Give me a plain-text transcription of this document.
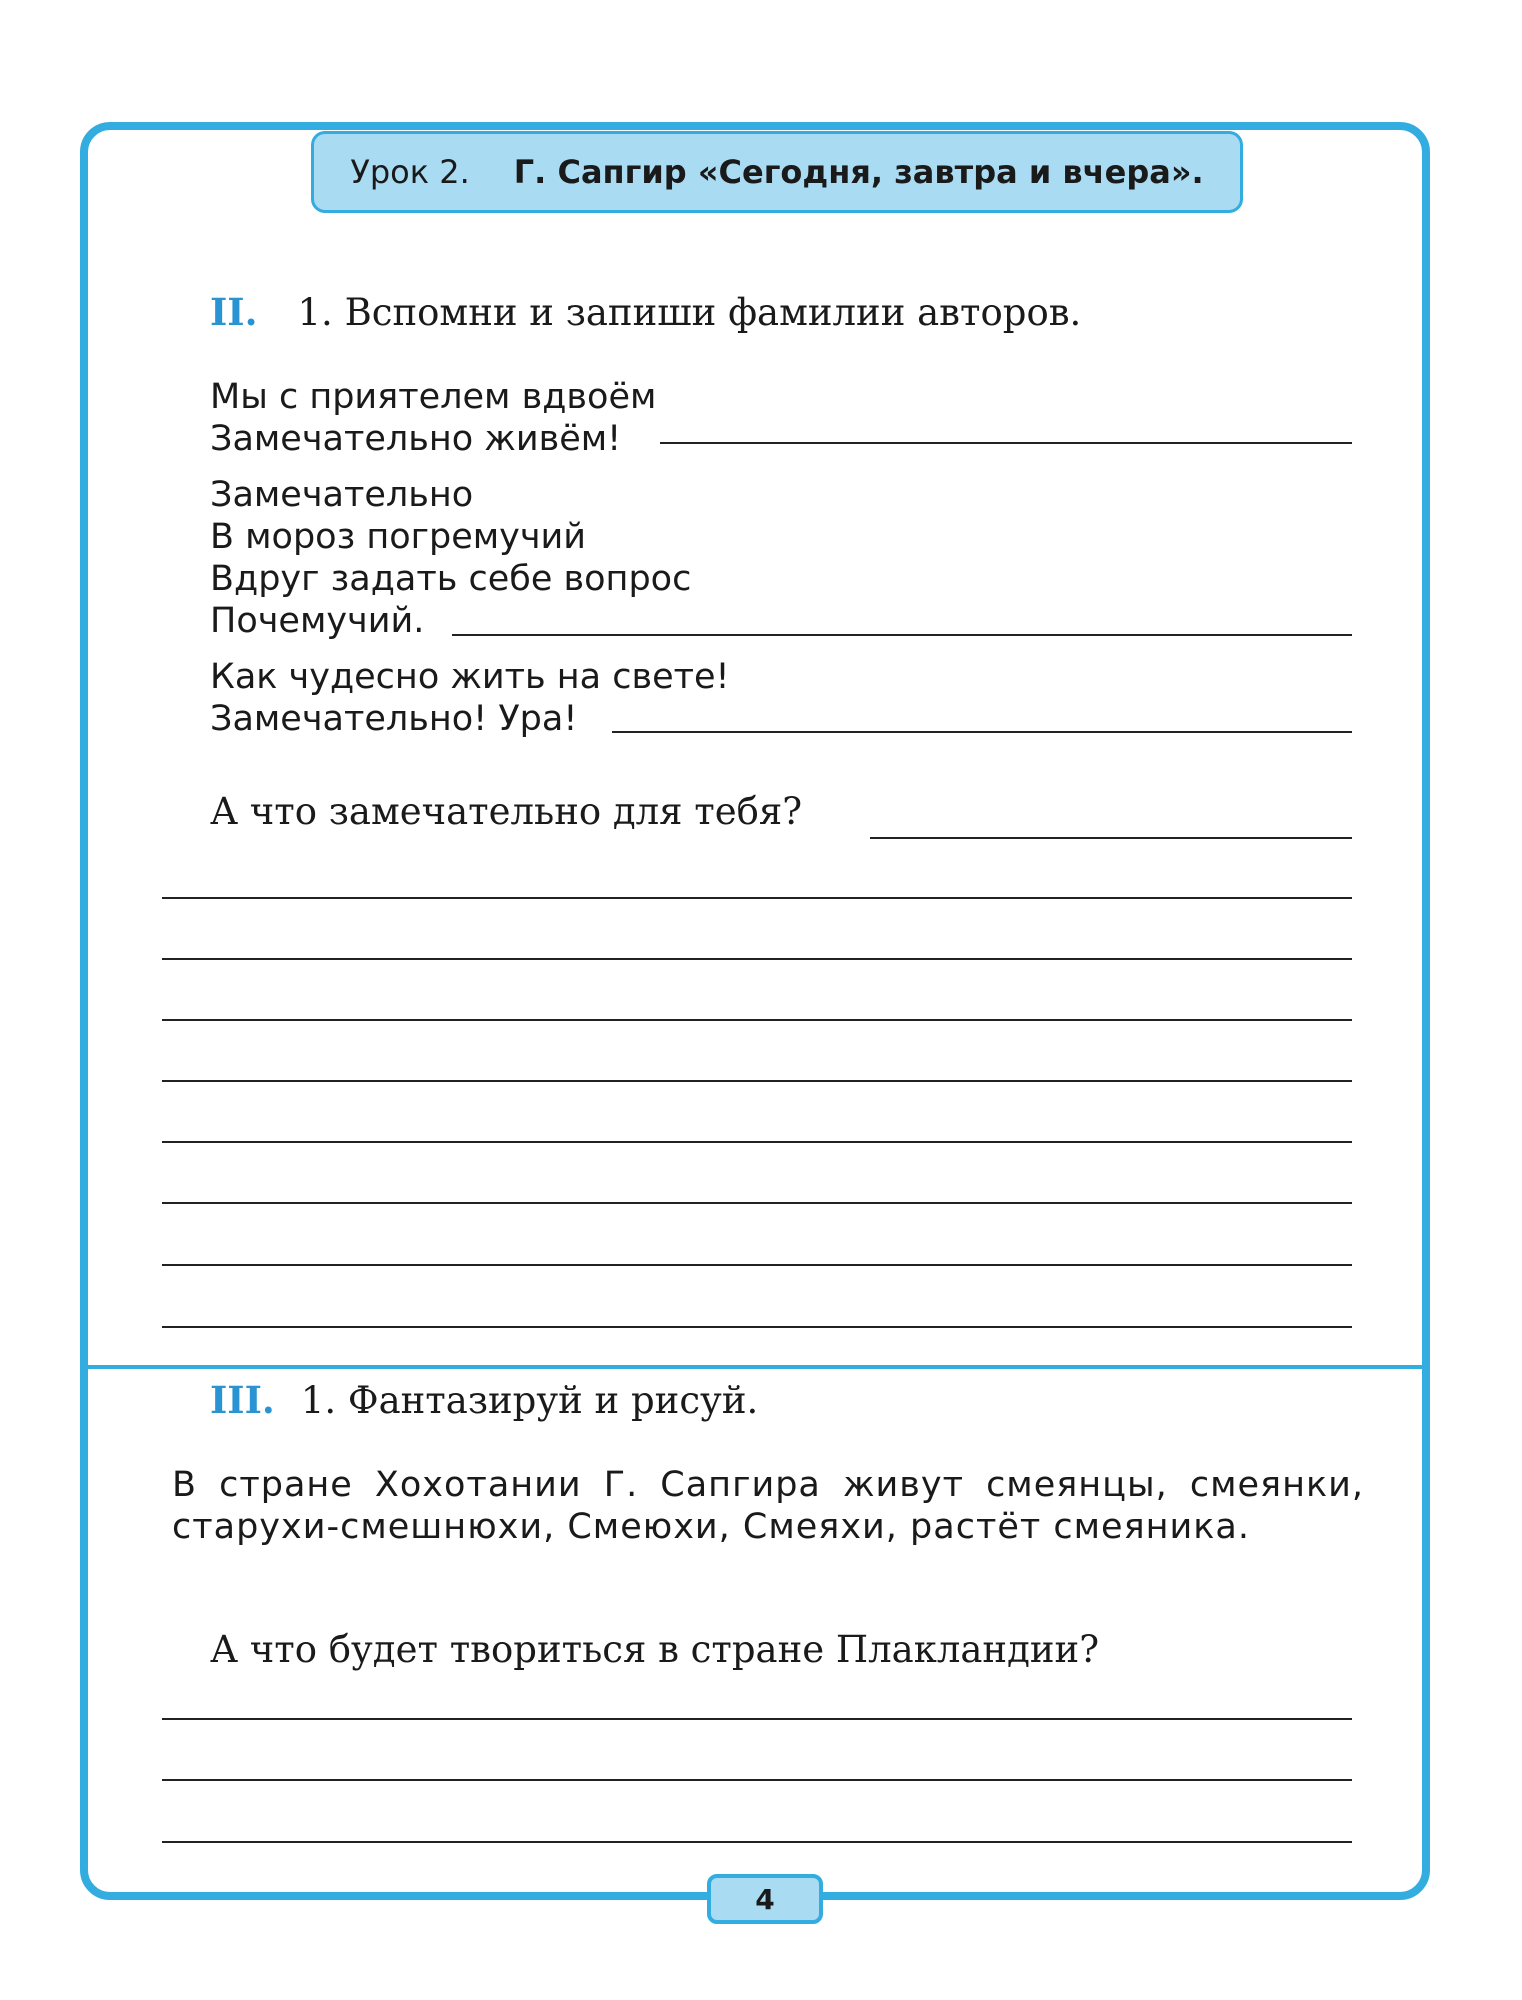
Урок 2. Г. Сапгир «Сегодня, завтра и вчера».
II. 1. Вспомни и запиши фамилии авторов.
Мы с приятелем вдвоём
Замечательно живём!
Замечательно
В мороз погремучий
Вдруг задать себе вопрос
Почемучий.
Как чудесно жить на свете!
Замечательно! Ура!
А что замечательно для тебя?
III. 1. Фантазируй и рисуй.
В стране Хохотании Г. Сапгира живут смеянцы, смеянки, старухи-смешнюхи, Смеюхи, Смеяхи, растёт смеяника.
А что будет твориться в стране Плакландии?
4
